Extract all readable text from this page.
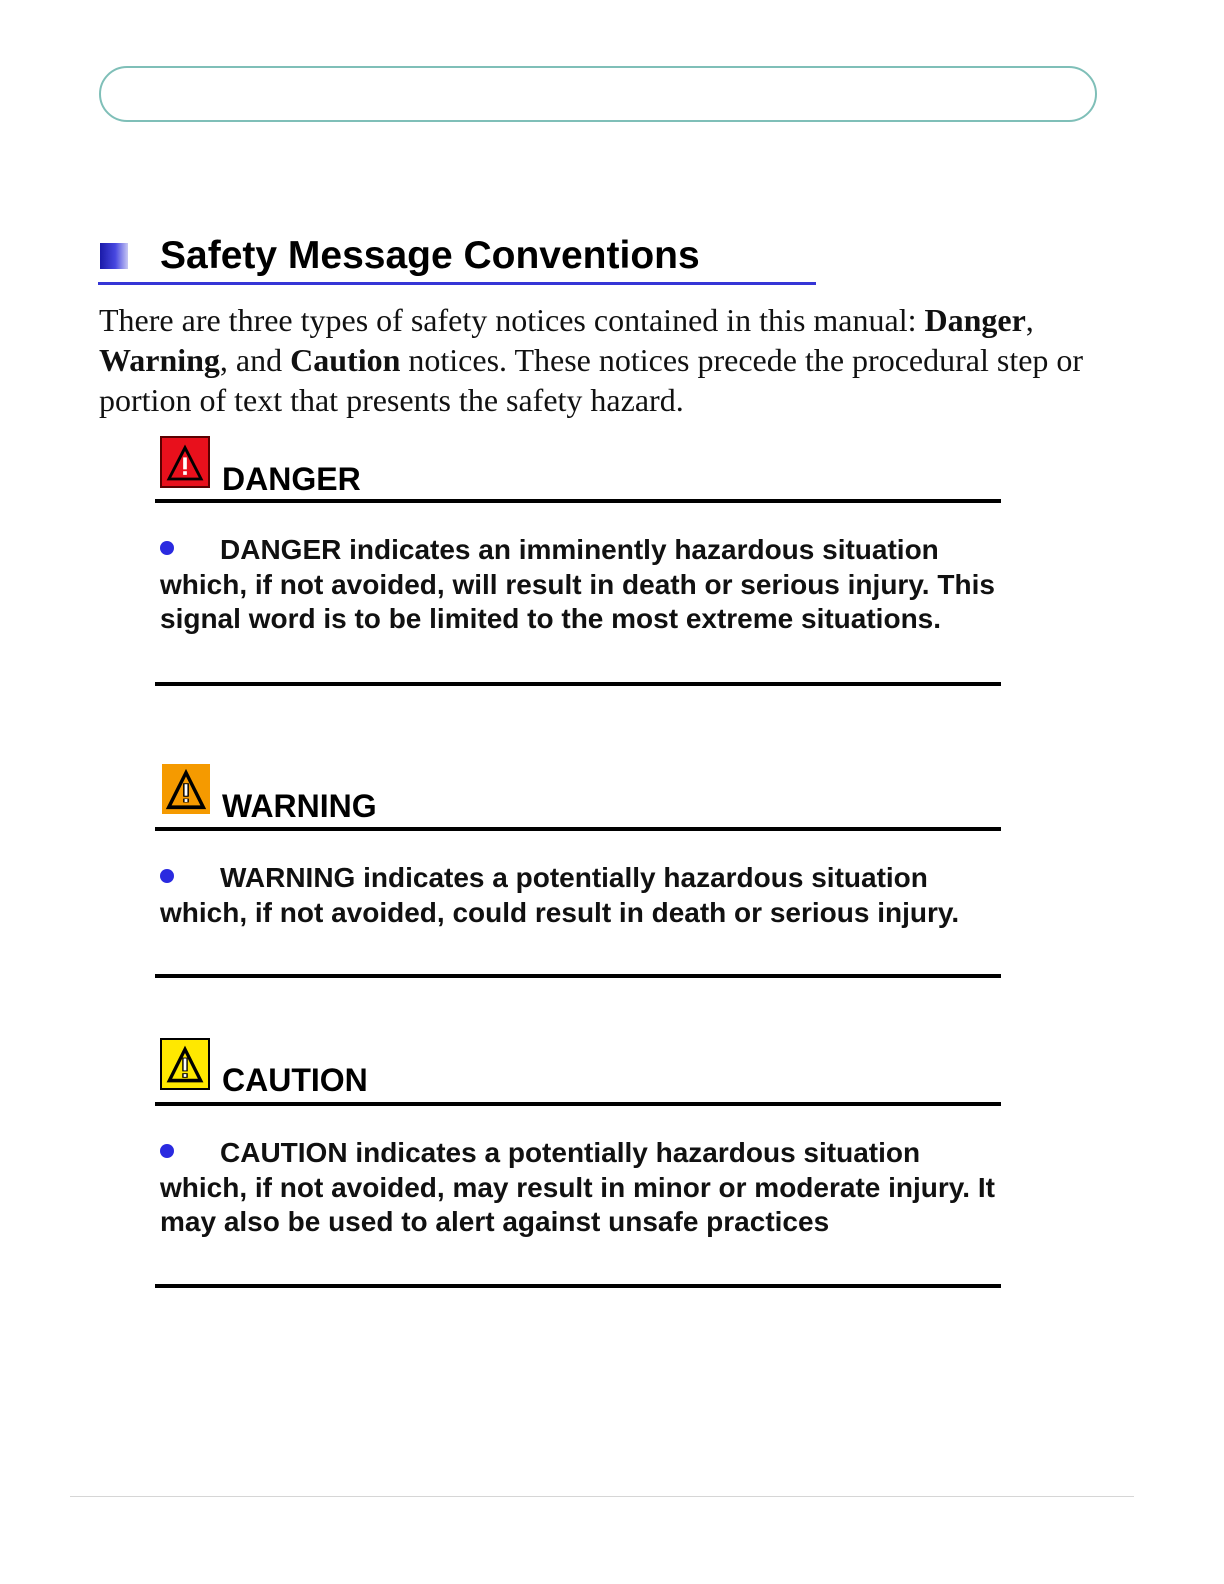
Safety Message Conventions

There are three types of safety notices contained in this manual: Danger, Warning, and Caution notices. These notices precede the procedural step or portion of text that presents the safety hazard.

DANGER
DANGER indicates an imminently hazardous situation which, if not avoided, will result in death or serious injury. This signal word is to be limited to the most extreme situations.
WARNING
WARNING indicates a potentially hazardous situation which, if not avoided, could result in death or serious injury.
CAUTION
CAUTION indicates a potentially hazardous situation which, if not avoided, may result in minor or moderate injury. It may also be used to alert against unsafe practices
